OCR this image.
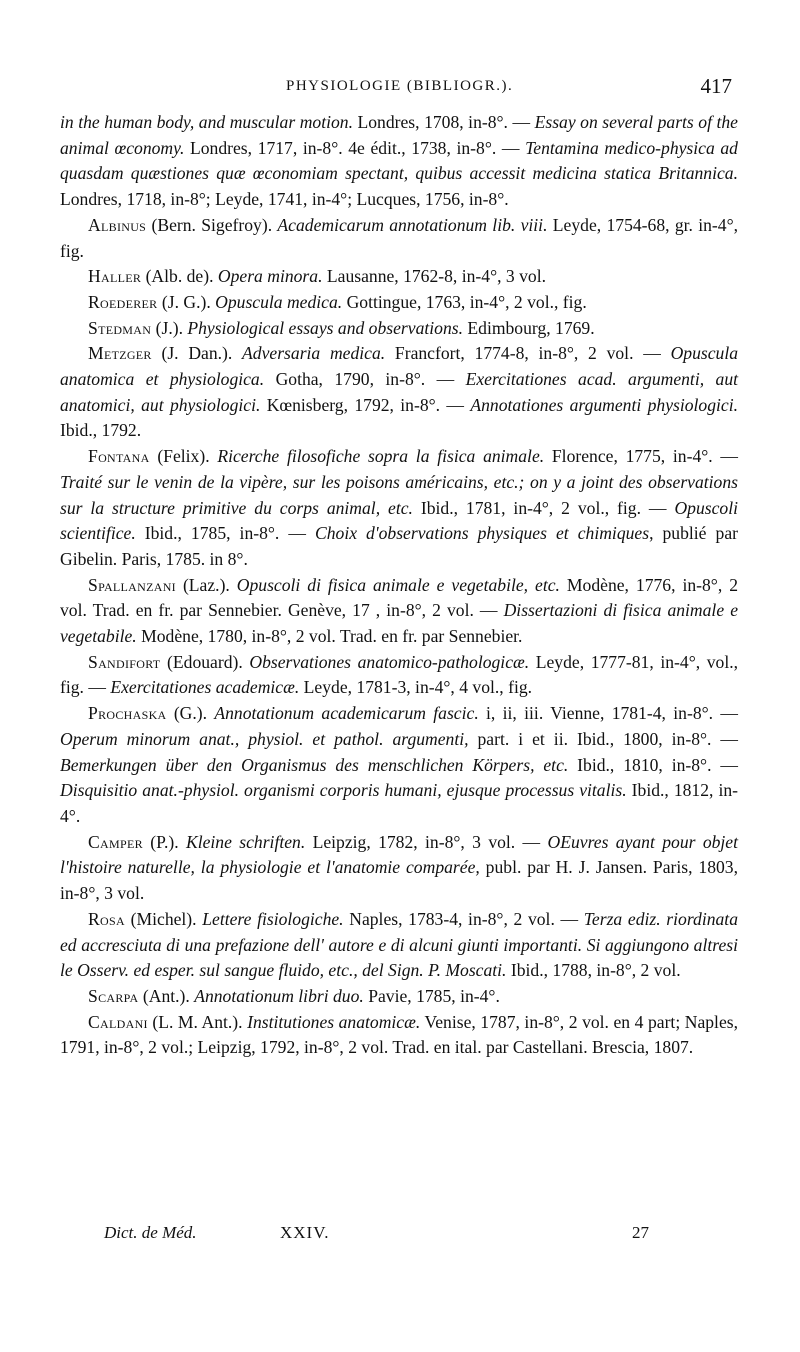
PHYSIOLOGIE (BIBLIOGR.).	417

in the human body, and muscular motion. Londres, 1708, in-8°. — Essay on several parts of the animal œconomy. Londres, 1717, in-8°. 4e édit., 1738, in-8°. — Tentamina medico-physica ad quasdam quæstiones quæ œconomiam spectant, quibus accessit medicina statica Britannica. Londres, 1718, in-8°; Leyde, 1741, in-4°; Lucques, 1756, in-8°.

Albinus (Bern. Sigefroy). Academicarum annotationum lib. viii. Leyde, 1754-68, gr. in-4°, fig.

Haller (Alb. de). Opera minora. Lausanne, 1762-8, in-4°, 3 vol.

Roederer (J. G.). Opuscula medica. Gottingue, 1763, in-4°, 2 vol., fig.

Stedman (J.). Physiological essays and observations. Edimbourg, 1769.

Metzger (J. Dan.). Adversaria medica. Francfort, 1774-8, in-8°, 2 vol. — Opuscula anatomica et physiologica. Gotha, 1790, in-8°. — Exercitationes acad. argumenti, aut anatomici, aut physiologici. Kœnisberg, 1792, in-8°. — Annotationes argumenti physiologici. Ibid., 1792.

Fontana (Felix). Ricerche filosofiche sopra la fisica animale. Florence, 1775, in-4°. — Traité sur le venin de la vipère, sur les poisons américains, etc.; on y a joint des observations sur la structure primitive du corps animal, etc. Ibid., 1781, in-4°, 2 vol., fig. — Opuscoli scientifice. Ibid., 1785, in-8°. — Choix d'observations physiques et chimiques, publié par Gibelin. Paris, 1785. in 8°.

Spallanzani (Laz.). Opuscoli di fisica animale e vegetabile, etc. Modène, 1776, in-8°, 2 vol. Trad. en fr. par Sennebier. Genève, 17 , in-8°, 2 vol. — Dissertazioni di fisica animale e vegetabile. Modène, 1780, in-8°, 2 vol. Trad. en fr. par Sennebier.

Sandifort (Edouard). Observationes anatomico-pathologicæ. Leyde, 1777-81, in-4°, vol., fig. — Exercitationes academicæ. Leyde, 1781-3, in-4°, 4 vol., fig.

Prochaska (G.). Annotationum academicarum fascic. i, ii, iii. Vienne, 1781-4, in-8°. — Operum minorum anat., physiol. et pathol. argumenti, part. i et ii. Ibid., 1800, in-8°. — Bemerkungen über den Organismus des menschlichen Körpers, etc. Ibid., 1810, in-8°. — Disquisitio anat.-physiol. organismi corporis humani, ejusque processus vitalis. Ibid., 1812, in-4°.

Camper (P.). Kleine schriften. Leipzig, 1782, in-8°, 3 vol. — OEuvres ayant pour objet l'histoire naturelle, la physiologie et l'anatomie comparée, publ. par H. J. Jansen. Paris, 1803, in-8°, 3 vol.

Rosa (Michel). Lettere fisiologiche. Naples, 1783-4, in-8°, 2 vol. — Terza ediz. riordinata ed accresciuta di una prefazione dell' autore e di alcuni giunti importanti. Si aggiungono altresi le Osserv. ed esper. sul sangue fluido, etc., del Sign. P. Moscati. Ibid., 1788, in-8°, 2 vol.

Scarpa (Ant.). Annotationum libri duo. Pavie, 1785, in-4°.

Caldani (L. M. Ant.). Institutiones anatomicæ. Venise, 1787, in-8°, 2 vol. en 4 part; Naples, 1791, in-8°, 2 vol.; Leipzig, 1792, in-8°, 2 vol. Trad. en ital. par Castellani. Brescia, 1807.

Dict. de Méd.	XXIV.	27
